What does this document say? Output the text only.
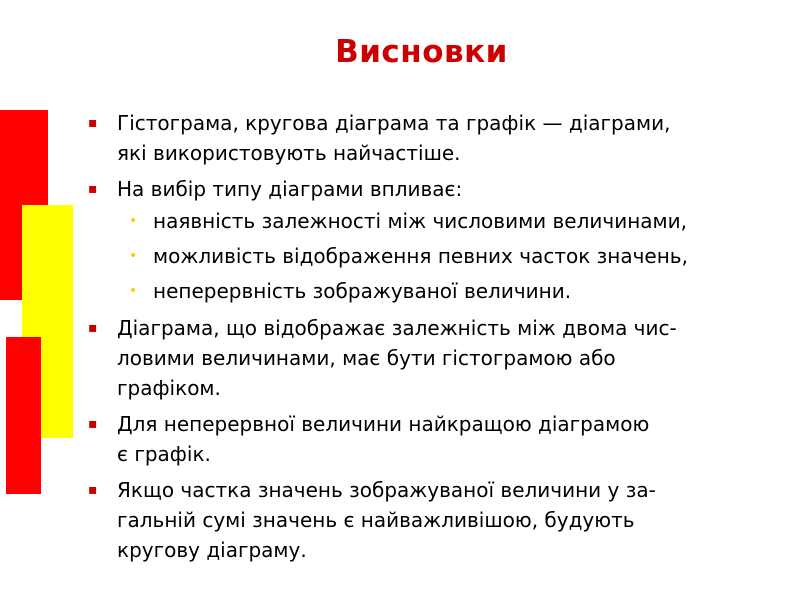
Висновки
▪ Гістограма, кругова діаграма та графік — діаграми,
які використовують найчастіше.
▪ На вибір типу діаграми впливає:
• наявність залежності між числовими величинами,
• можливість відображення певних часток значень,
• неперервність зображуваної величини.
▪ Діаграма, що відображає залежність між двома чис-
ловими величинами, має бути гістограмою або
графіком.
▪ Для неперервної величини найкращою діаграмою
є графік.
▪ Якщо частка значень зображуваної величини у за-
гальній сумі значень є найважливішою, будують
кругову діаграму.
